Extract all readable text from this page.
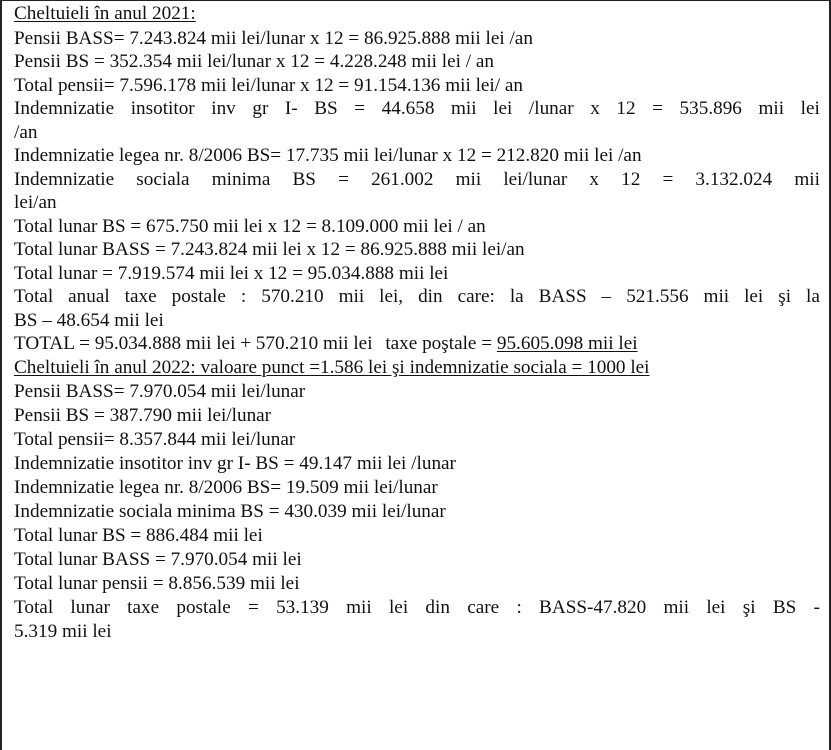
Cheltuieli în anul 2021:
Pensii BASS= 7.243.824 mii lei/lunar x 12 = 86.925.888 mii lei /an
Pensii BS = 352.354 mii lei/lunar x 12 = 4.228.248 mii lei / an
Total pensii= 7.596.178 mii lei/lunar x 12 = 91.154.136 mii lei/ an
Indemnizatie insotitor inv gr I- BS = 44.658 mii lei /lunar x 12 = 535.896 mii lei
/an
Indemnizatie legea nr. 8/2006 BS= 17.735 mii lei/lunar x 12 = 212.820 mii lei /an
Indemnizatie sociala minima BS = 261.002 mii lei/lunar x 12 = 3.132.024 mii
lei/an
Total lunar BS = 675.750 mii lei x 12 = 8.109.000 mii lei / an
Total lunar BASS = 7.243.824 mii lei x 12 = 86.925.888 mii lei/an
Total lunar = 7.919.574 mii lei x 12 = 95.034.888 mii lei
Total anual taxe postale : 570.210 mii lei, din care: la BASS – 521.556 mii lei şi la
BS – 48.654 mii lei
TOTAL = 95.034.888 mii lei + 570.210 mii lei taxe poştale = 95.605.098 mii lei
Cheltuieli în anul 2022: valoare punct =1.586 lei şi indemnizatie sociala = 1000 lei
Pensii BASS= 7.970.054 mii lei/lunar
Pensii BS = 387.790 mii lei/lunar
Total pensii= 8.357.844 mii lei/lunar
Indemnizatie insotitor inv gr I- BS = 49.147 mii lei /lunar
Indemnizatie legea nr. 8/2006 BS= 19.509 mii lei/lunar
Indemnizatie sociala minima BS = 430.039 mii lei/lunar
Total lunar BS = 886.484 mii lei
Total lunar BASS = 7.970.054 mii lei
Total lunar pensii = 8.856.539 mii lei
Total lunar taxe postale = 53.139 mii lei din care : BASS-47.820 mii lei şi BS -
5.319 mii lei
